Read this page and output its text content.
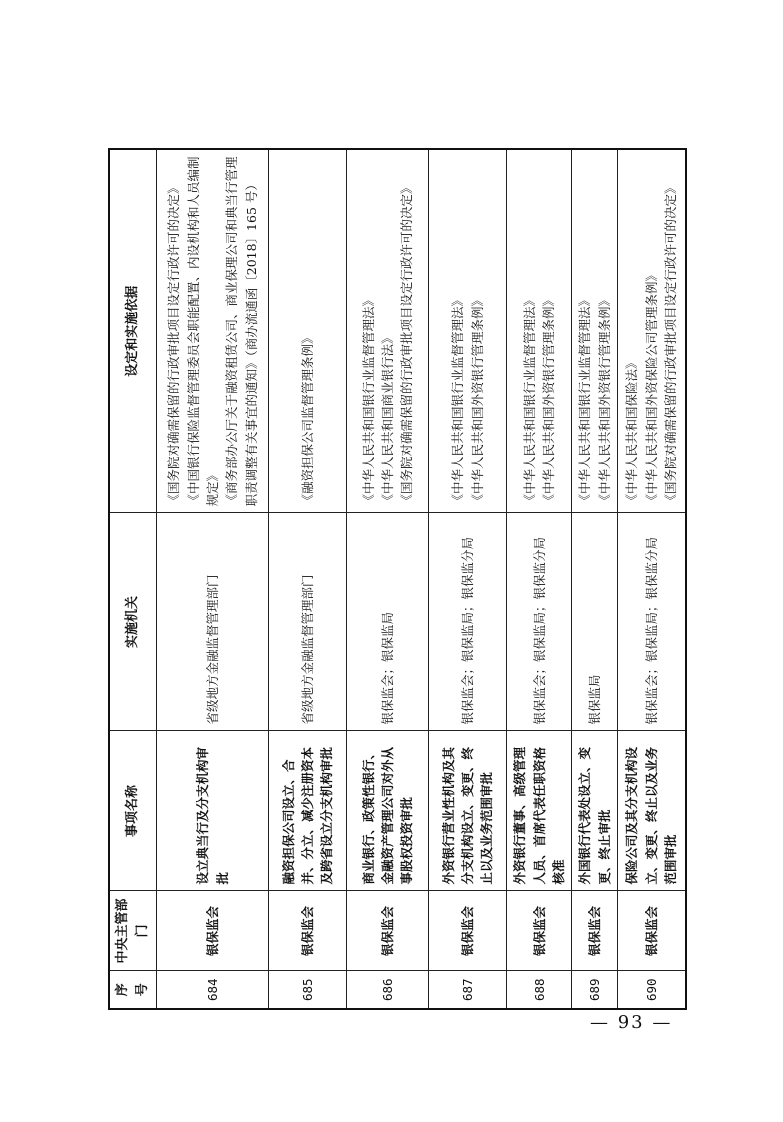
序号	中央主管部门	事项名称	实施机关	设定和实施依据
684	银保监会	设立典当行及分支机构审批	省级地方金融监督管理部门	《国务院对确需保留的行政审批项目设定行政许可的决定》 《中国银行保险监督管理委员会职能配置、内设机构和人员编制规定》 《商务部办公厅关于融资租赁公司、商业保理公司和典当行管理职责调整有关事宜的通知》（商办流通函〔2018〕165 号）

685	银保监会	融资担保公司设立、合并、分立、减少注册资本及跨省设立分支机构审批	省级地方金融监督管理部门	《融资担保公司监督管理条例》

686	银保监会	商业银行、政策性银行、金融资产管理公司对外从事股权投资审批	银保监会；银保监局	《中华人民共和国银行业监督管理法》 《中华人民共和国商业银行法》 《国务院对确需保留的行政审批项目设定行政许可的决定》

687	银保监会	外资银行营业性机构及其分支机构设立、变更、终止以及业务范围审批	银保监会；银保监局；银保监分局	《中华人民共和国银行业监督管理法》 《中华人民共和国外资银行管理条例》

688	银保监会	外资银行董事、高级管理人员、首席代表任职资格核准	银保监会；银保监局；银保监分局	《中华人民共和国银行业监督管理法》 《中华人民共和国外资银行管理条例》

689	银保监会	外国银行代表处设立、变更、终止审批	银保监局	《中华人民共和国银行业监督管理法》 《中华人民共和国外资银行管理条例》

690	银保监会	保险公司及其分支机构设立、变更、终止以及业务范围审批	银保监会；银保监局；银保监分局	《中华人民共和国保险法》 《中华人民共和国外资保险公司管理条例》 《国务院对确需保留的行政审批项目设定行政许可的决定》
— 93 —
